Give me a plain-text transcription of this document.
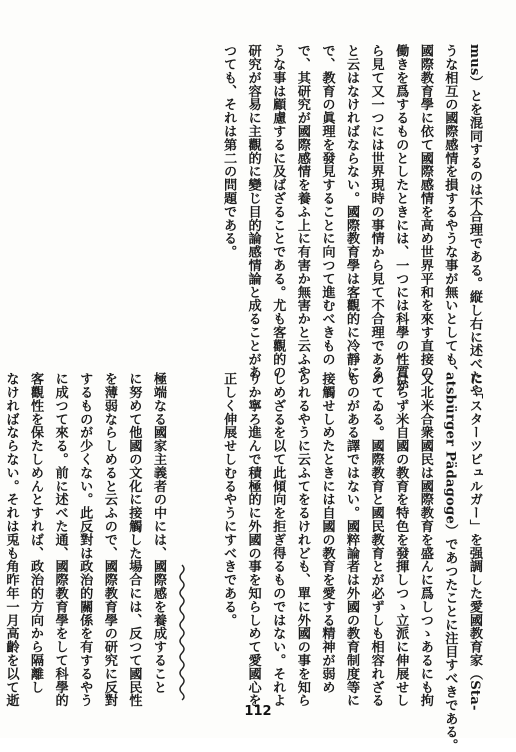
mus）とを混同するのは不合理である。縦し右に述べたや

うな相互の國際感情を損するやうな事が無いとしても、

國際教育學に依て國際感情を高め世界平和を來す直接の

働きを爲するものとしたときには、一つには科學の性質か

ら見て又一つには世界現時の事情から見て不合理である

と云はなければならない。國際教育學は客觀的に冷靜に

で、教育の眞理を發見することに向つて進むべきもの

で、其研究が國際感情を養ふ上に有害か無害かと云ふや

うな事は顧慮するに及ばざることである。尤も客觀的の

研究が容易に主觀的に變じ目的論感情論と成ることがあ

つても、それは第二の問題である。

に「スターツピュルガー」を强調した愛國教育家（Sta-

atsbürger Pädagoge）であつたことに注目すべきである。

又北米合衆國民は國際教育を盛んに爲しつゝあるにも拘

はらず米自國の教育を特色を發揮しつゝ立派に伸展せし

めてゐる。國際教育と國民教育とが必ずしも相容れざる

ものがある譯ではない。國粹論者は外國の教育制度等に

接觸せしめたときには自國の教育を愛する精神が弱め

られるやうに云ふてをるけれども、單に外國の事を知ら

しめざるを以て此傾向を拒ぎ得るものではない。それよ

りか寧ろ進んで積極的に外國の事を知らしめて愛國心を

正しく伸展せしむるやうにすべきである。

極端なる國家主義者の中には、國際感を養成すること

に努めて他國の文化に接觸した場合には、反つて國民性

を薄弱ならしめると云ふので、國際教育學の研究に反對

するものが少くない。此反對は政治的關係を有するやう

に成つて來る。前に述べた通、國際教育學をして科學的

客觀性を保たしめんとすれば、政治的方向から隔離し

なければならない。それは兎も角昨年一月高齡を以て逝

112
